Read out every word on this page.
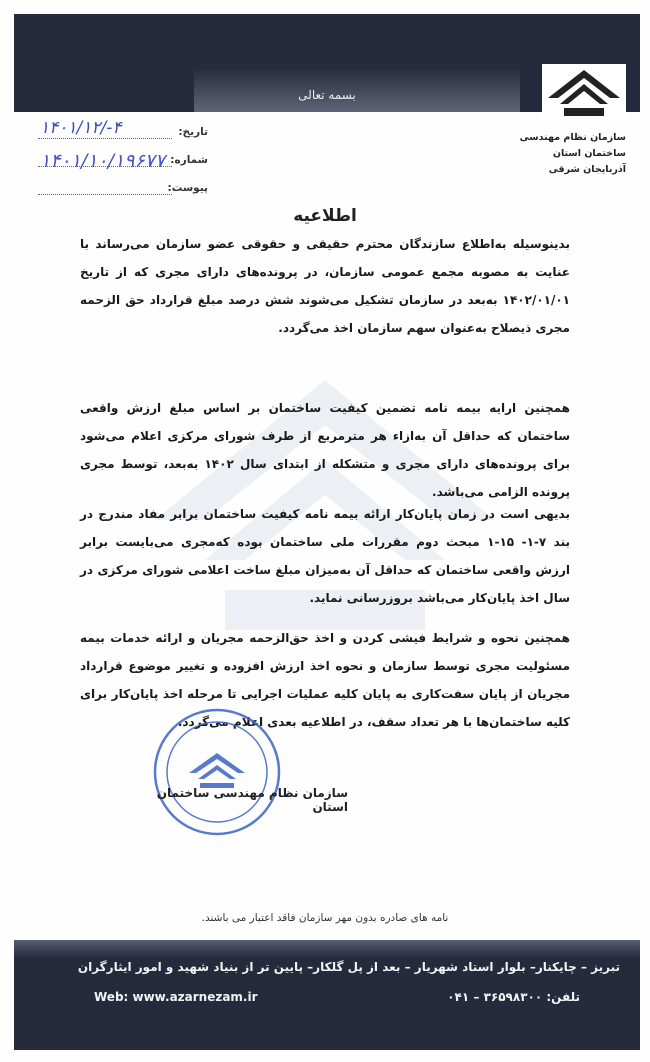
بسمه تعالی
سازمان نظام مهندسی ساختمان استان
آذربایجان شرقی
تاریخ:
۱۴۰۱/۱۲/-۴
شماره:
۱۴۰۱/۱۰/۱۹۶۷۷
پیوست:
اطلاعیه

بدینوسیله به‌اطلاع سازندگان محترم حقیقی و حقوقی عضو سازمان می‌رساند با عنایت به مصوبه مجمع عمومی سازمان، در پرونده‌های دارای مجری که از تاریخ ۱۴۰۲/۰۱/۰۱ به‌بعد در سازمان تشکیل می‌شوند شش درصد مبلغ قرارداد حق الزحمه مجری ذیصلاح به‌عنوان سهم سازمان اخذ می‌گردد.

همچنین ارایه بیمه نامه تضمین کیفیت ساختمان بر اساس مبلغ ارزش واقعی ساختمان که حداقل آن به‌ازاء هر مترمربع از طرف شورای مرکزی اعلام می‌شود برای پرونده‌های دارای مجری و متشکله از ابتدای سال ۱۴۰۲ به‌بعد، توسط مجری پرونده الزامی می‌باشد.

بدیهی است در زمان پایان‌کار ارائه بیمه نامه کیفیت ساختمان برابر مفاد مندرج در بند ۷-۱- ۱۵-۱ مبحث دوم مقررات ملی ساختمان بوده که‌مجری می‌بایست برابر ارزش واقعی ساختمان که حداقل آن به‌میزان مبلغ ساخت اعلامی شورای مرکزی در سال اخذ پایان‌کار می‌باشد بروزرسانی نماید.

همچنین نحوه و شرایط فیشی کردن و اخذ حق‌الزحمه مجریان و ارائه خدمات بیمه مسئولیت مجری توسط سازمان و نحوه اخذ ارزش افزوده و تغییر موضوع قرارداد مجریان از پایان سفت‌کاری به پایان کلیه عملیات اجرایی تا مرحله اخذ پایان‌کار برای کلیه ساختمان‌ها با هر تعداد سقف، در اطلاعیه بعدی اعلام می‌گردد.

سازمان نظام مهندسی ساختمان استان
نامه های صادره بدون مهر سازمان فاقد اعتبار می باشند.
تبریز – چایکنار– بلوار استاد شهریار – بعد از پل گلکار– پایین تر از بنیاد شهید و امور ایثارگران
Web: www.azarnezam.ir	تلفن: ۳۶۵۹۸۳۰۰ – ۰۴۱
